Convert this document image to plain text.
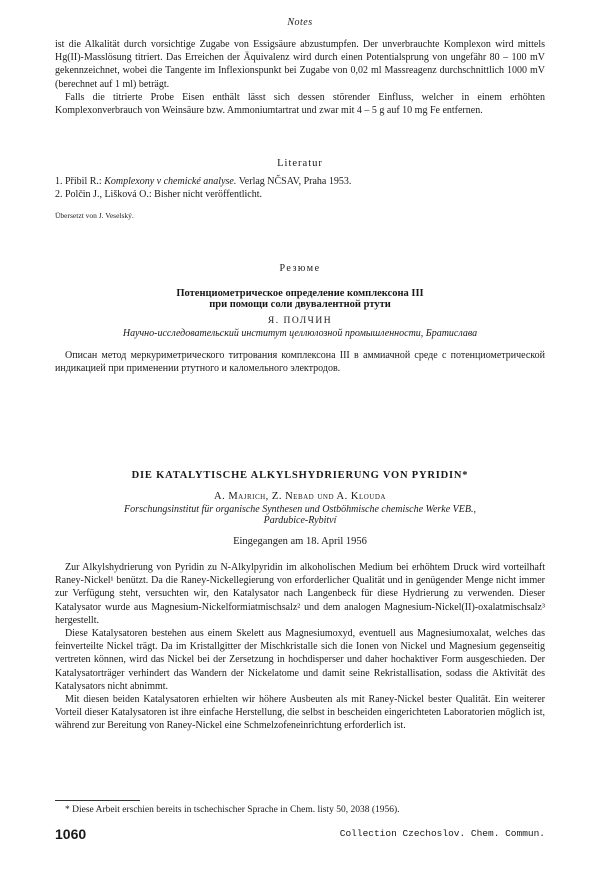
Notes

ist die Alkalität durch vorsichtige Zugabe von Essigsäure abzustumpfen. Der unverbrauchte Komplexon wird mittels Hg(II)-Masslösung titriert. Das Erreichen der Äquivalenz wird durch einen Potentialsprung von ungefähr 80 – 100 mV gekennzeichnet, wobei die Tangente im Inflexionspunkt bei Zugabe von 0,02 ml Massreagenz durchschnittlich 1000 mV (berechnet auf 1 ml) beträgt.

Falls die titrierte Probe Eisen enthält lässt sich dessen störender Einfluss, welcher in einem erhöhten Komplexonverbrauch von Weinsäure bzw. Ammoniumtartrat und zwar mit 4 – 5 g auf 10 mg Fe entfernen.

Literatur

1. Přibil R.: Komplexony v chemické analyse. Verlag NČSAV, Praha 1953.
2. Polčin J., Lišková O.: Bisher nicht veröffentlicht.

Übersetzt von J. Veselský.

Резюме

Потенциометрическое определение комплексона III

при помощи соли двувалентной ртути

Я. ПОЛЧИН

Научно-исследовательский институт целлюлозной промышленности, Братислава

Описан метод меркуриметрического титрования комплексона III в аммиачной среде с потенциометрической индикацией при применении ртутного и каломельного электродов.

DIE KATALYTISCHE ALKYLSHYDRIERUNG VON PYRIDIN*

A. Majrich, Z. Nebad und A. Klouda

Forschungsinstitut für organische Synthesen und Ostböhmische chemische Werke VEB.,

Pardubice-Rybitví

Eingegangen am 18. April 1956

Zur Alkylshydrierung von Pyridin zu N-Alkylpyridin im alkoholischen Medium bei erhöhtem Druck wird vorteilhaft Raney-Nickel¹ benützt. Da die Raney-Nickellegierung von erforderlicher Qualität und in genügender Menge nicht immer zur Verfügung steht, versuchten wir, den Katalysator nach Langenbeck für diese Hydrierung zu verwenden. Dieser Katalysator wurde aus Magnesium-Nickelformiatmischsalz² und dem analogen Magnesium-Nickel(II)-oxalatmischsalz³ hergestellt.

Diese Katalysatoren bestehen aus einem Skelett aus Magnesiumoxyd, eventuell aus Magnesiumoxalat, welches das feinverteilte Nickel trägt. Da im Kristallgitter der Mischkristalle sich die Ionen von Nickel und Magnesium gegenseitig vertreten können, wird das Nickel bei der Zersetzung in hochdisperser und daher hochaktiver Form ausgeschieden. Der Katalysatorträger verhindert das Wandern der Nickelatome und damit seine Rekristallisation, sodass die Aktivität des Katalysators nicht abnimmt.

Mit diesen beiden Katalysatoren erhielten wir höhere Ausbeuten als mit Raney-Nickel bester Qualität. Ein weiterer Vorteil dieser Katalysatoren ist ihre einfache Herstellung, die selbst in bescheiden eingerichteten Laboratorien möglich ist, während zur Bereitung von Raney-Nickel eine Schmelzofeneinrichtung erforderlich ist.

* Diese Arbeit erschien bereits in tschechischer Sprache in Chem. listy 50, 2038 (1956).

1060	Collection Czechoslov. Chem. Commun.
